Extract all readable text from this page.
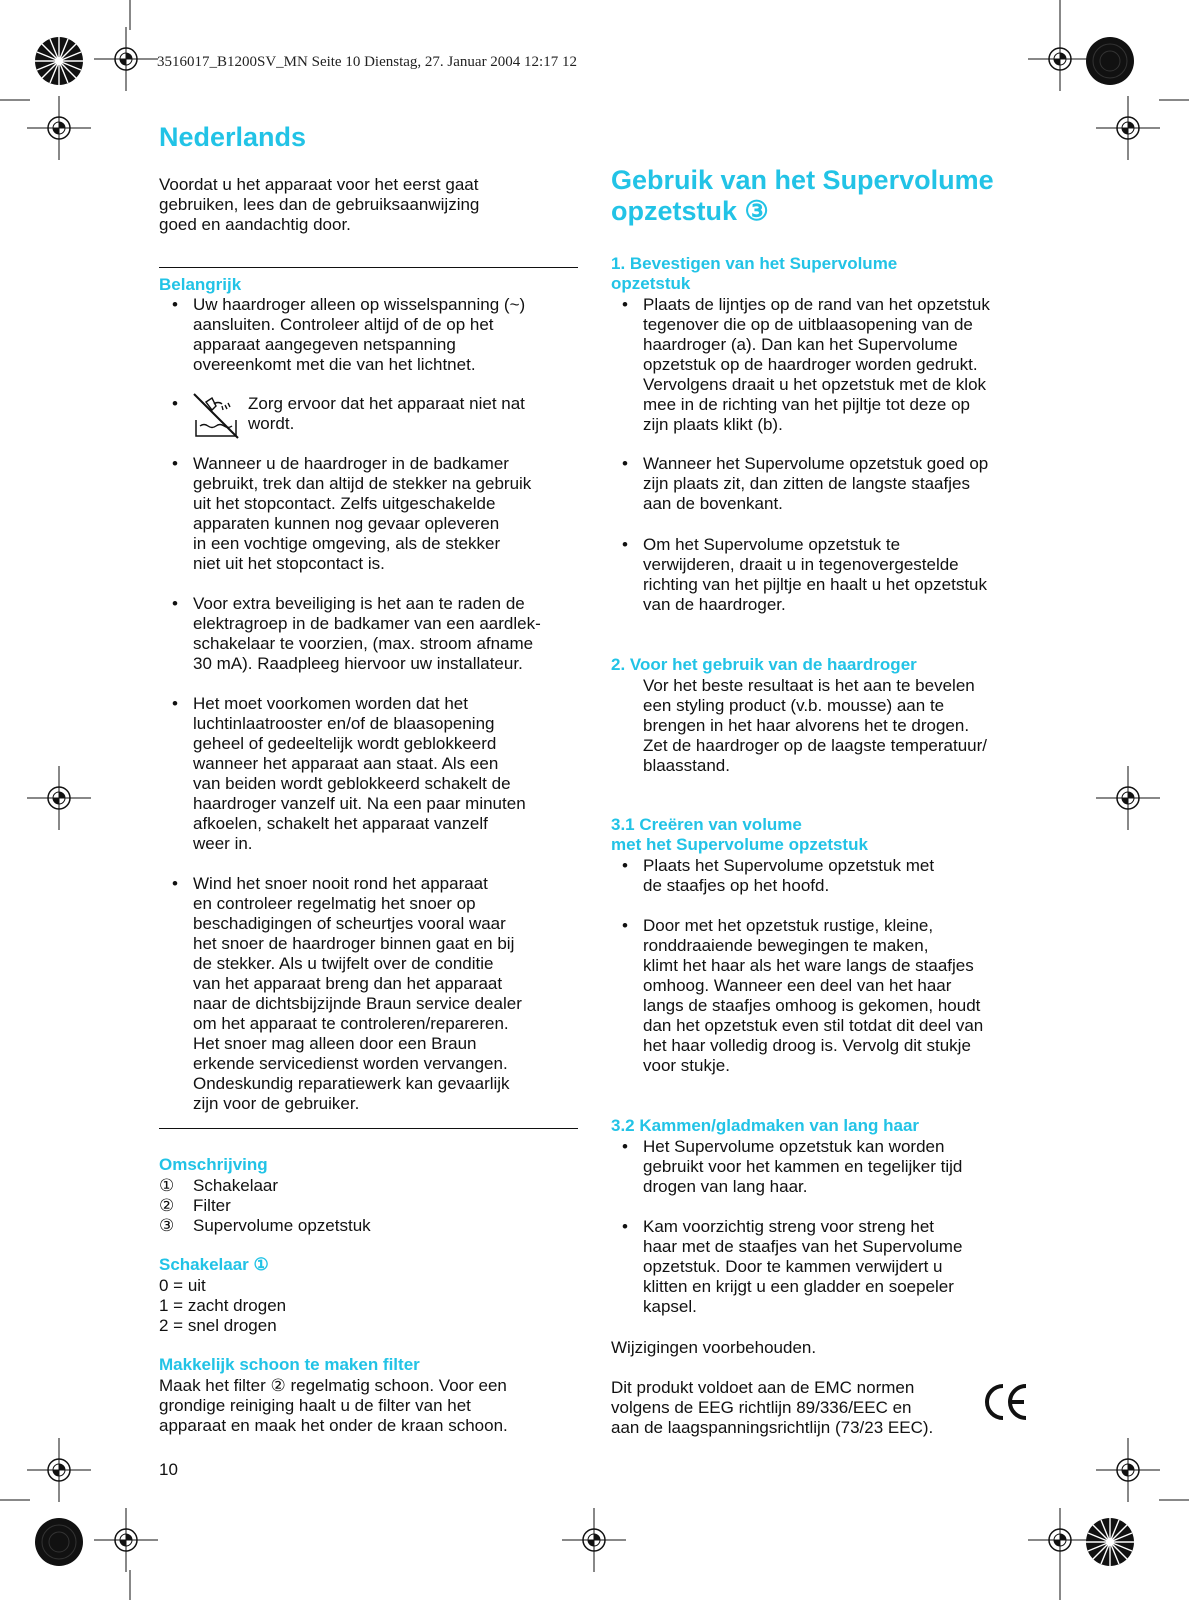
3516017_B1200SV_MN Seite 10 Dienstag, 27. Januar 2004 12:17 12
Nederlands
Voordat u het apparaat voor het eerst gaat
gebruiken, lees dan de gebruiksaanwijzing
goed en aandachtig door.
Belangrijk
• Uw haardroger alleen op wisselspanning (~)
aansluiten. Controleer altijd of de op het
apparaat aangegeven netspanning
overeenkomt met die van het lichtnet.
•	Zorg ervoor dat het apparaat niet nat
wordt.
• Wanneer u de haardroger in de badkamer
gebruikt, trek dan altijd de stekker na gebruik
uit het stopcontact. Zelfs uitgeschakelde
apparaten kunnen nog gevaar opleveren
in een vochtige omgeving, als de stekker
niet uit het stopcontact is.
• Voor extra beveiliging is het aan te raden de
elektragroep in de badkamer van een aardlek-
schakelaar te voorzien, (max. stroom afname
30 mA). Raadpleeg hiervoor uw installateur.
• Het moet voorkomen worden dat het
luchtinlaatrooster en/of de blaasopening
geheel of gedeeltelijk wordt geblokkeerd
wanneer het apparaat aan staat. Als een
van beiden wordt geblokkeerd schakelt de
haardroger vanzelf uit. Na een paar minuten
afkoelen, schakelt het apparaat vanzelf
weer in.
• Wind het snoer nooit rond het apparaat
en controleer regelmatig het snoer op
beschadigingen of scheurtjes vooral waar
het snoer de haardroger binnen gaat en bij
de stekker. Als u twijfelt over de conditie
van het apparaat breng dan het apparaat
naar de dichtsbijzijnde Braun service dealer
om het apparaat te controleren/repareren.
Het snoer mag alleen door een Braun
erkende servicedienst worden vervangen.
Ondeskundig reparatiewerk kan gevaarlijk
zijn voor de gebruiker.
Omschrijving
① Schakelaar
② Filter
③ Supervolume opzetstuk
Schakelaar ①
0 = uit
1 = zacht drogen
2 = snel drogen
Makkelijk schoon te maken filter
Maak het filter ② regelmatig schoon. Voor een
grondige reiniging haalt u de filter van het
apparaat en maak het onder de kraan schoon.
10
Gebruik van het Supervolume
opzetstuk ③
1. Bevestigen van het Supervolume
opzetstuk
• Plaats de lijntjes op de rand van het opzetstuk
tegenover die op de uitblaasopening van de
haardroger (a). Dan kan het Supervolume
opzetstuk op de haardroger worden gedrukt.
Vervolgens draait u het opzetstuk met de klok
mee in de richting van het pijltje tot deze op
zijn plaats klikt (b).
• Wanneer het Supervolume opzetstuk goed op
zijn plaats zit, dan zitten de langste staafjes
aan de bovenkant.
• Om het Supervolume opzetstuk te
verwijderen, draait u in tegenovergestelde
richting van het pijltje en haalt u het opzetstuk
van de haardroger.
2. Voor het gebruik van de haardroger
Vor het beste resultaat is het aan te bevelen
een styling product (v.b. mousse) aan te
brengen in het haar alvorens het te drogen.
Zet de haardroger op de laagste temperatuur/
blaasstand.
3.1 Creëren van volume
met het Supervolume opzetstuk
• Plaats het Supervolume opzetstuk met
de staafjes op het hoofd.
• Door met het opzetstuk rustige, kleine,
ronddraaiende bewegingen te maken,
klimt het haar als het ware langs de staafjes
omhoog. Wanneer een deel van het haar
langs de staafjes omhoog is gekomen, houdt
dan het opzetstuk even stil totdat dit deel van
het haar volledig droog is. Vervolg dit stukje
voor stukje.
3.2 Kammen/gladmaken van lang haar
• Het Supervolume opzetstuk kan worden
gebruikt voor het kammen en tegelijker tijd
drogen van lang haar.
• Kam voorzichtig streng voor streng het
haar met de staafjes van het Supervolume
opzetstuk. Door te kammen verwijdert u
klitten en krijgt u een gladder en soepeler
kapsel.
Wijzigingen voorbehouden.
Dit produkt voldoet aan de EMC normen
volgens de EEG richtlijn 89/336/EEC en
aan de laagspanningsrichtlijn (73/23 EEC).
